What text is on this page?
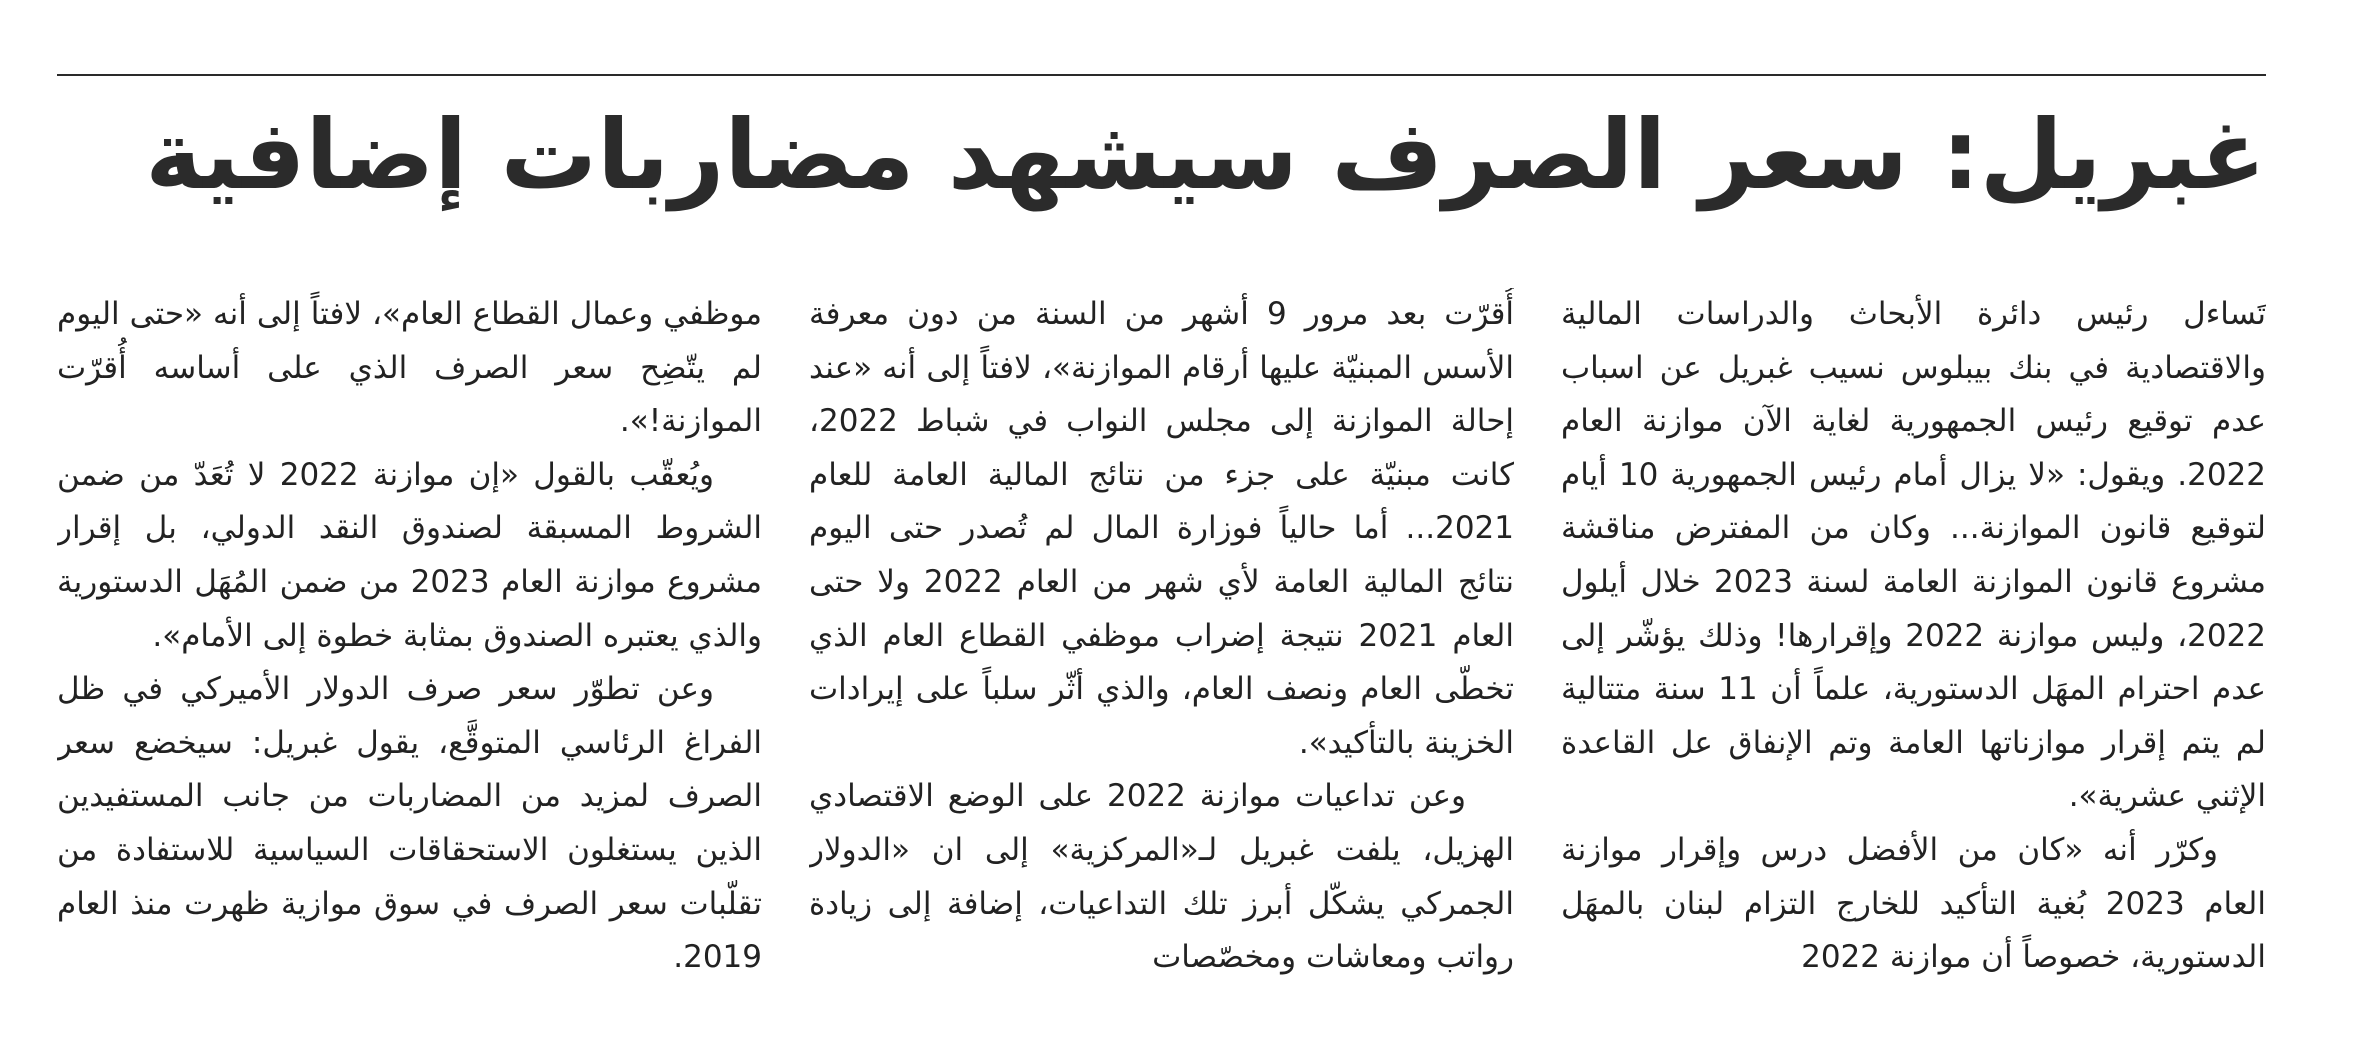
غبريل: سعر الصرف سيشهد مضاربات إضافية

تَساءل رئيس دائرة الأبحاث والدراسات المالية والاقتصادية في بنك بيبلوس نسيب غبريل عن اسباب عدم توقيع رئيس الجمهورية لغاية الآن موازنة العام 2022. ويقول: «لا يزال أمام رئيس الجمهورية 10 أيام لتوقيع قانون الموازنة... وكان من المفترض مناقشة مشروع قانون الموازنة العامة لسنة 2023 خلال أيلول 2022، وليس موازنة 2022 وإقرارها! وذلك يؤشّر إلى عدم احترام المهَل الدستورية، علماً أن 11 سنة متتالية لم يتم إقرار موازناتها العامة وتم الإنفاق عل القاعدة الإثني عشرية».

وكرّر أنه «كان من الأفضل درس وإقرار موازنة العام 2023 بُغية التأكيد للخارج التزام لبنان بالمهَل الدستورية، خصوصاً أن موازنة 2022

أُقرّت بعد مرور 9 أشهر من السنة من دون معرفة الأسس المبنيّة عليها أرقام الموازنة»، لافتاً إلى أنه «عند إحالة الموازنة إلى مجلس النواب في شباط 2022، كانت مبنيّة على جزء من نتائج المالية العامة للعام 2021... أما حالياً فوزارة المال لم تُصدر حتى اليوم نتائج المالية العامة لأي شهر من العام 2022 ولا حتى العام 2021 نتيجة إضراب موظفي القطاع العام الذي تخطّى العام ونصف العام، والذي أثّر سلباً على إيرادات الخزينة بالتأكيد».

وعن تداعيات موازنة 2022 على الوضع الاقتصادي الهزيل، يلفت غبريل لـ«المركزية» إلى ان «الدولار الجمركي يشكّل أبرز تلك التداعيات، إضافة إلى زيادة رواتب ومعاشات ومخصّصات

موظفي وعمال القطاع العام»، لافتاً إلى أنه «حتى اليوم لم يتّضِح سعر الصرف الذي على أساسه أُقرّت الموازنة!».

ويُعقّب بالقول «إن موازنة 2022 لا تُعَدّ من ضمن الشروط المسبقة لصندوق النقد الدولي، بل إقرار مشروع موازنة العام 2023 من ضمن المُهَل الدستورية والذي يعتبره الصندوق بمثابة خطوة إلى الأمام».

وعن تطوّر سعر صرف الدولار الأميركي في ظل الفراغ الرئاسي المتوقَّع، يقول غبريل: سيخضع سعر الصرف لمزيد من المضاربات من جانب المستفيدين الذين يستغلون الاستحقاقات السياسية للاستفادة من تقلّبات سعر الصرف في سوق موازية ظهرت منذ العام 2019.
